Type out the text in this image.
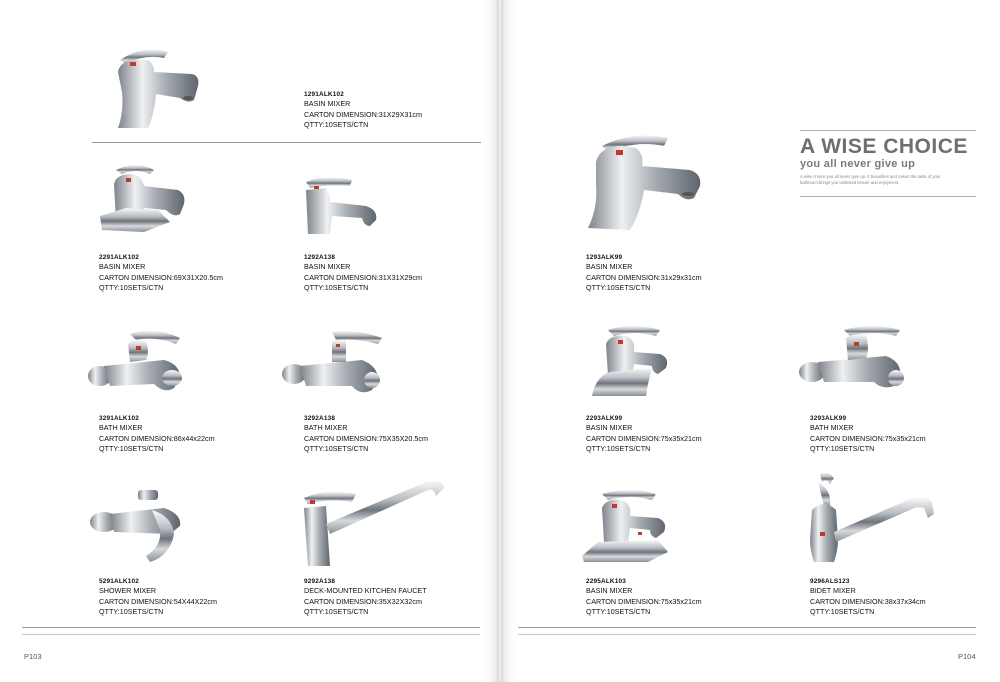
1291ALK102
BASIN MIXER
CARTON DIMENSION:31X29X31cm
QTTY:10SETS/CTN
2291ALK102
BASIN MIXER
CARTON DIMENSION:69X31X20.5cm
QTTY:10SETS/CTN
1292A138
BASIN MIXER
CARTON DIMENSION:31X31X29cm
QTTY:10SETS/CTN
3291ALK102
BATH MIXER
CARTON DIMENSION:86x44x22cm
QTTY:10SETS/CTN
3292A138
BATH MIXER
CARTON DIMENSION:75X35X20.5cm
QTTY:10SETS/CTN
5291ALK102
SHOWER MIXER
CARTON DIMENSION:54X44X22cm
QTTY:10SETS/CTN
9292A138
DECK-MOUNTED KITCHEN FAUCET
CARTON DIMENSION:35X32X32cm
QTTY:10SETS/CTN
P103
1293ALK99
BASIN MIXER
CARTON DIMENSION:31x29x31cm
QTTY:10SETS/CTN
A WISE CHOICE
you all never give up
A wise choice you all never give up. It beautifies and raised the taste of your bathroom,brings you unlimited leisure and enjoyment.
2293ALK99
BASIN MIXER
CARTON DIMENSION:75x35x21cm
QTTY:10SETS/CTN
3293ALK99
BATH MIXER
CARTON DIMENSION:75x35x21cm
QTTY:10SETS/CTN
2295ALK103
BASIN MIXER
CARTON DIMENSION:75x35x21cm
QTTY:10SETS/CTN
9296ALS123
BIDET MIXER
CARTON DIMENSION:38x37x34cm
QTTY:10SETS/CTN
P104
